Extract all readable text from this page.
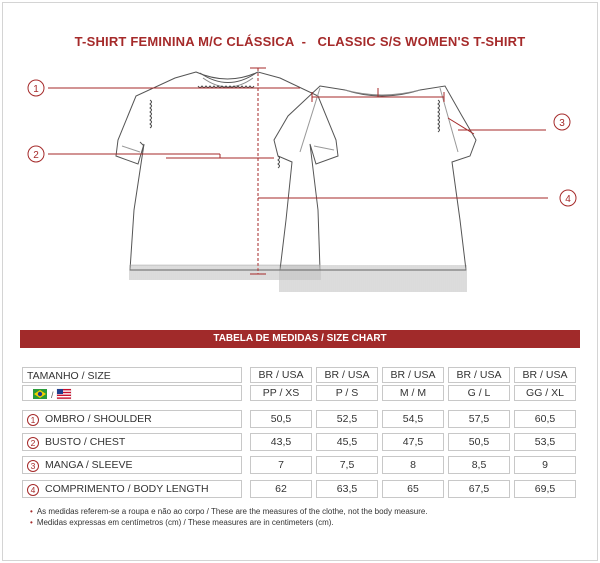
T-SHIRT FEMININA M/C CLÁSSICA  -   CLASSIC S/S WOMEN'S T-SHIRT
1
2
3
4
TABELA DE MEDIDAS / SIZE CHART
TAMANHO / SIZE	BR / USA	BR / USA	BR / USA	BR / USA	BR / USA
/	PP / XS	P / S	M / M	G / L	GG / XL
1 OMBRO / SHOULDER	50,5	52,5	54,5	57,5	60,5
2 BUSTO / CHEST	43,5	45,5	47,5	50,5	53,5
3 MANGA / SLEEVE	7	7,5	8	8,5	9
4 COMPRIMENTO / BODY LENGTH	62	63,5	65	67,5	69,5
• As medidas referem-se a roupa e não ao corpo / These are the measures of the clothe, not the body measure.
• Medidas expressas em centímetros (cm) / These measures are in centimeters (cm).
